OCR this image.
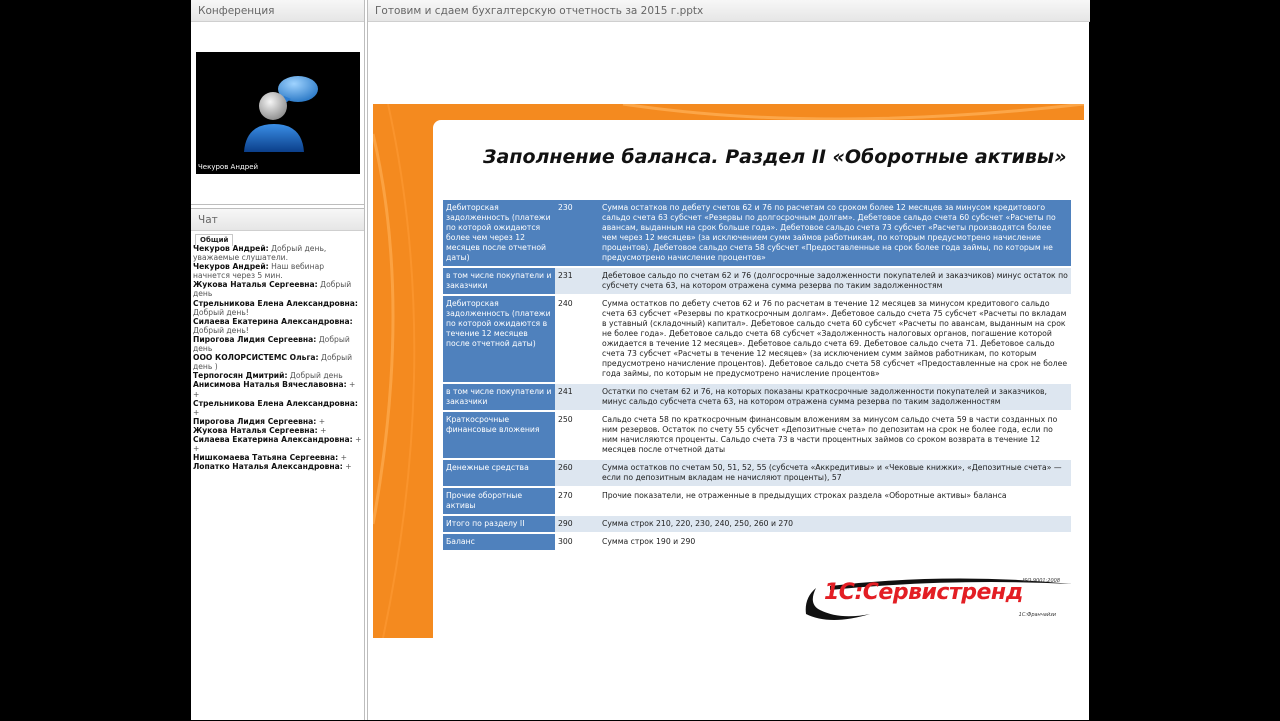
Конференция
Чекуров Андрей
Чат
Общий
Чекуров Андрей: Добрый день, уважаемые слушатели.
Чекуров Андрей: Наш вебинар начнется через 5 мин.
Жукова Наталья Сергеевна: Добрый день
Стрельникова Елена Александровна: Добрый день!
Силаева Екатерина Александровна: Добрый день!
Пирогова Лидия Сергеевна: Добрый день
ООО КОЛОРСИСТЕМС Ольга: Добрый день )
Терпогосян Дмитрий: Добрый день
Анисимова Наталья Вячеславовна: + +
Стрельникова Елена Александровна: +
Пирогова Лидия Сергеевна: +
Жукова Наталья Сергеевна: +
Силаева Екатерина Александровна: + +
Нишкомаева Татьяна Сергеевна: +
Лопатко Наталья Александровна: +
Готовим и сдаем бухгалтерскую отчетность за 2015 г.pptx
Заполнение баланса. Раздел II «Оборотные активы»
Дебиторская задолженность (платежи по которой ожидаются более чем через 12 месяцев после отчетной даты)	230	Сумма остатков по дебету счетов 62 и 76 по расчетам со сроком более 12 месяцев за минусом кредитового сальдо счета 63 субсчет «Резервы по долгосрочным долгам». Дебетовое сальдо счета 60 субсчет «Расчеты по авансам, выданным на срок больше года». Дебетовое сальдо счета 73 субсчет «Расчеты производятся более чем через 12 месяцев» (за исключением сумм займов работникам, по которым предусмотрено начисление процентов). Дебетовое сальдо счета 58 субсчет «Предоставленные на срок более года займы, по которым не предусмотрено начисление процентов»
в том числе покупатели и заказчики	231	Дебетовое сальдо по счетам 62 и 76 (долгосрочные задолженности покупателей и заказчиков) минус остаток по субсчету счета 63, на котором отражена сумма резерва по таким задолженностям
Дебиторская задолженность (платежи по которой ожидаются в течение 12 месяцев после отчетной даты)	240	Сумма остатков по дебету счетов 62 и 76 по расчетам в течение 12 месяцев за минусом кредитового сальдо счета 63 субсчет «Резервы по краткосрочным долгам». Дебетовое сальдо счета 75 субсчет «Расчеты по вкладам в уставный (складочный) капитал». Дебетовое сальдо счета 60 субсчет «Расчеты по авансам, выданным на срок не более года». Дебетовое сальдо счета 68 субсчет «Задолженность налоговых органов, погашение которой ожидается в течение 12 месяцев». Дебетовое сальдо счета 69. Дебетовое сальдо счета 71. Дебетовое сальдо счета 73 субсчет «Расчеты в течение 12 месяцев» (за исключением сумм займов работникам, по которым предусмотрено начисление процентов). Дебетовое сальдо счета 58 субсчет «Предоставленные на срок не более года займы, по которым не предусмотрено начисление процентов»
в том числе покупатели и заказчики	241	Остатки по счетам 62 и 76, на которых показаны краткосрочные задолженности покупателей и заказчиков, минус сальдо субсчета счета 63, на котором отражена сумма резерва по таким задолженностям
Краткосрочные финансовые вложения	250	Сальдо счета 58 по краткосрочным финансовым вложениям за минусом сальдо счета 59 в части созданных по ним резервов. Остаток по счету 55 субсчет «Депозитные счета» по депозитам на срок не более года, если по ним начисляются проценты. Сальдо счета 73 в части процентных займов со сроком возврата в течение 12 месяцев после отчетной даты
Денежные средства	260	Сумма остатков по счетам 50, 51, 52, 55 (субсчета «Аккредитивы» и «Чековые книжки», «Депозитные счета» — если по депозитным вкладам не начисляют проценты), 57
Прочие оборотные активы	270	Прочие показатели, не отраженные в предыдущих строках раздела «Оборотные активы» баланса
Итого по разделу II	290	Сумма строк 210, 220, 230, 240, 250, 260 и 270
Баланс	300	Сумма строк 190 и 290
1С:Сервистренд ISO 9001:2008
1С:Франчайзи
